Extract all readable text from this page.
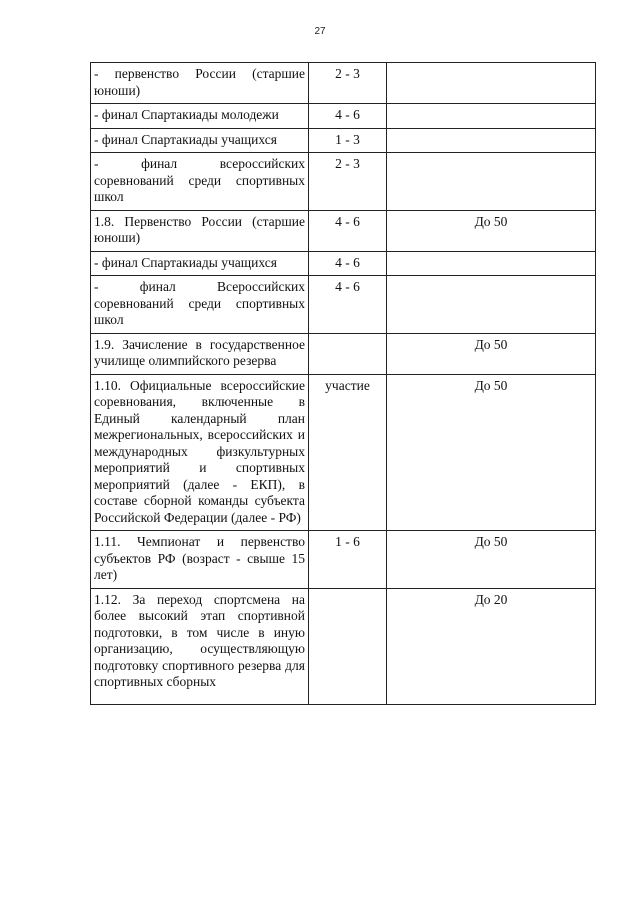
27
- первенство России (старшие юноши)	2 - 3	
- финал Спартакиады молодежи	4 - 6	
- финал Спартакиады учащихся	1 - 3	
- финал всероссийских соревнований среди спортивных школ	2 - 3	
1.8. Первенство России (старшие юноши)	4 - 6	До 50
- финал Спартакиады учащихся	4 - 6	
- финал Всероссийских соревнований среди спортивных школ	4 - 6	
1.9. Зачисление в государственное училище олимпийского резерва		До 50
1.10. Официальные всероссийские соревнования, включенные в Единый календарный план межрегиональных, всероссийских и международных физкультурных мероприятий и спортивных мероприятий (далее - ЕКП), в составе сборной команды субъекта Российской Федерации (далее - РФ)	участие	До 50
1.11. Чемпионат и первенство субъектов РФ (возраст - свыше 15 лет)	1 - 6	До 50

1.12. За переход спортсмена на более высокий этап спортивной подготовки, в том числе в иную организацию, осуществляющую подготовку спортивного резерва для спортивных сборных		До 20
